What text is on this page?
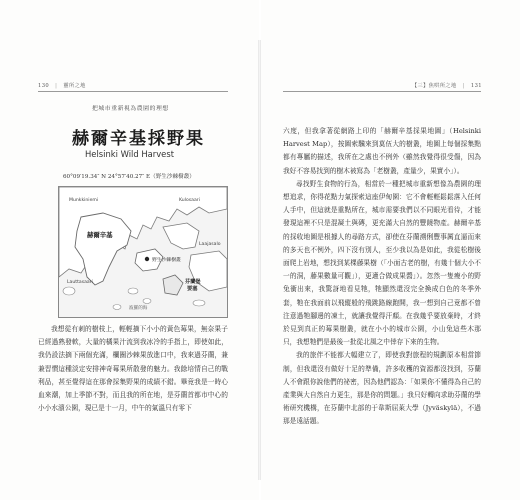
130 | 靈所之地
把城市重新視為農園的理想
赫爾辛基採野果
Helsinki Wild Harvest
60°09′19.34″ N 24°57′40.27″ E（野生沙棘樹叢）
Munkkiniemi	Kulosaari
赫爾辛基
野生沙棘樹叢
Laajasalo
芬蘭堡
要塞
Lauttasaari
波羅的海

我想從有刺的樹枝上，輕輕摘下小小的黃色莓果，無奈果子已經過熟發軟，大量的橘果汁流到我冰冷的手指上，即使如此，我仍設法摘下兩個充滿，欄圈沙棘果放進口中，我來過芬蘭，兼兼習慣這種淡定安排神奇莓果所散發的魅力。我餘培情自己的戰利品，甚至覺得這在那會採集野果的成績不錯。畢竟我是一時心血來潮，加上季節不對，而且我的所在地，是芬蘭首都市中心的小小水濱公園，現已是十一月，中午的氣溫只有零下

【三】焦哄所之地 | 131

六度，但我拿著從網路上印的「赫爾辛基採果地圖」（Helsinki Harvest Map），按圖索驥來到莫伍大的樹叢，地圖上每個採集點都有專屬的描述，我所在之處也不例外（雖然我覺得很受傷，因為我好不容易找到的樹木被寫為「老樹叢，產量少，果實小」）。

尋找野生食物的行為，相當於一種把城市重新想像為農園的理想追求，你得花點力氣探索這座伊甸園：它不會輕輕鬆鬆落入任何人手中，但這就是重點所在，城市需要我們以不同眼光看待，才能發現這裡不只是混凝土與磚，更充滿大自然的豐饒物產。赫爾辛基的採收地圖是根據人的尋路方式，卻使在芬蘭溯俐豐事厲直逼而來的多天也不例外，四下沒有別人，至少我以為是如此，我從松樹後面爬上岩地，想找到某棵藤果樹（「小面古老的樹，有幾十個大小不一的洞，藤果數量可觀」），更適合做成果醬」）。忽然一隻瘦小的野兔衝出來，我驚訝地看見牠，牠顯然還沒完全換成白色的冬季外套，牠在我面前以飛縱般的飛跳路線跑開，我一想到自己竟都不曾注意過牠腳邊的凍土，就讓我覺得汗顏。在我幾乎要放棄時，才終於見到真正的莓果樹叢，就在小小的城市公園，小山兔這些木那只，我想牠們是最後一批從北風之中倖存下來的生物。

我的旅伴不能都大幅建立了，即使我對旅程的規劃原本相當節制，但我還沒有做好十足的準備，許多收穫的資源都沒找到，芬蘭人不會跟你說他們的祕密，因為他們認為：「如果你不懂得為自己的產業與大自然自力更生，那是你的問題。」我只好轉向求助芬蘭的學術研究機構，在芬蘭中北部的于韋斯屈萊大學（Jyväskylä），不過那是遠話題。
